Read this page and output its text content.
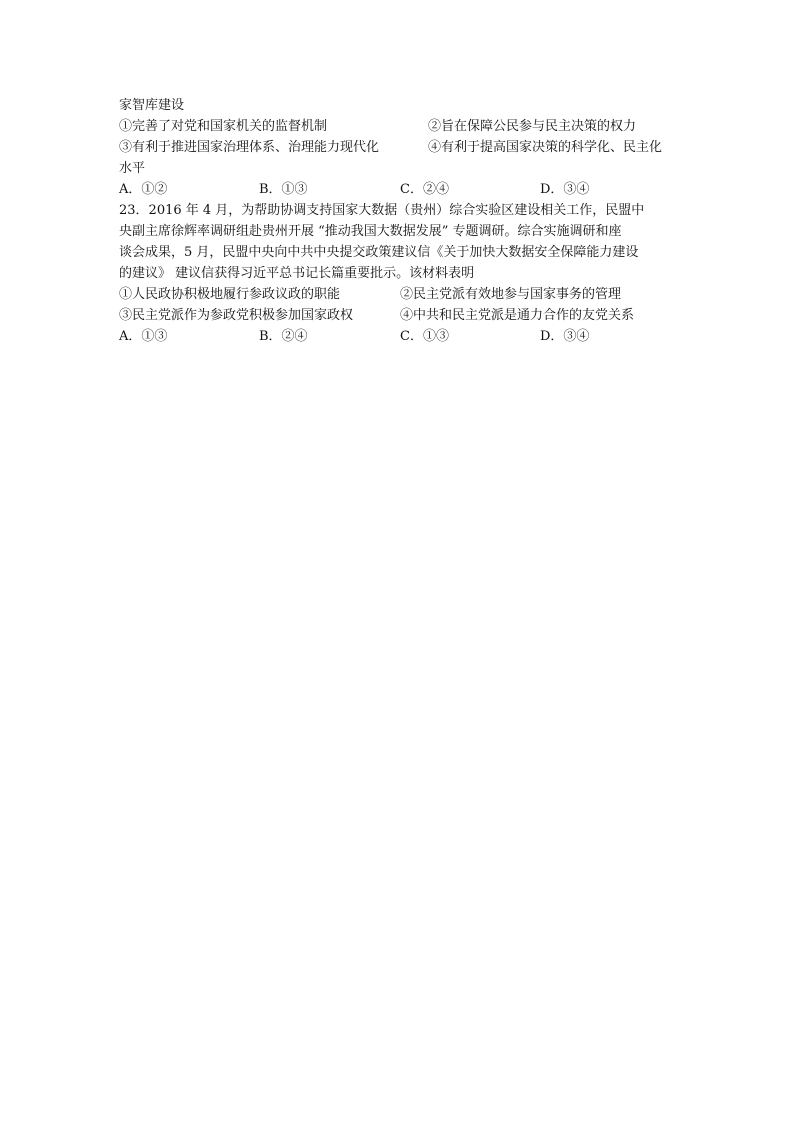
家智库建设
①完善了对党和国家机关的监督机制	②旨在保障公民参与民主决策的权力
③有利于推进国家治理体系、治理能力现代化	④有利于提高国家决策的科学化、民主化
水平
A．①②	B．①③	C．②④	D．③④
23．2016 年 4 月，为帮助协调支持国家大数据（贵州）综合实验区建设相关工作，民盟中
央副主席徐辉率调研组赴贵州开展 “推动我国大数据发展” 专题调研。综合实施调研和座
谈会成果，5 月，民盟中央向中共中央提交政策建议信《关于加快大数据安全保障能力建设
的建议》 建议信获得习近平总书记长篇重要批示。该材料表明
①人民政协积极地履行参政议政的职能	②民主党派有效地参与国家事务的管理
③民主党派作为参政党积极参加国家政权	④中共和民主党派是通力合作的友党关系
A．①③	B．②④	C．①③	D．③④
